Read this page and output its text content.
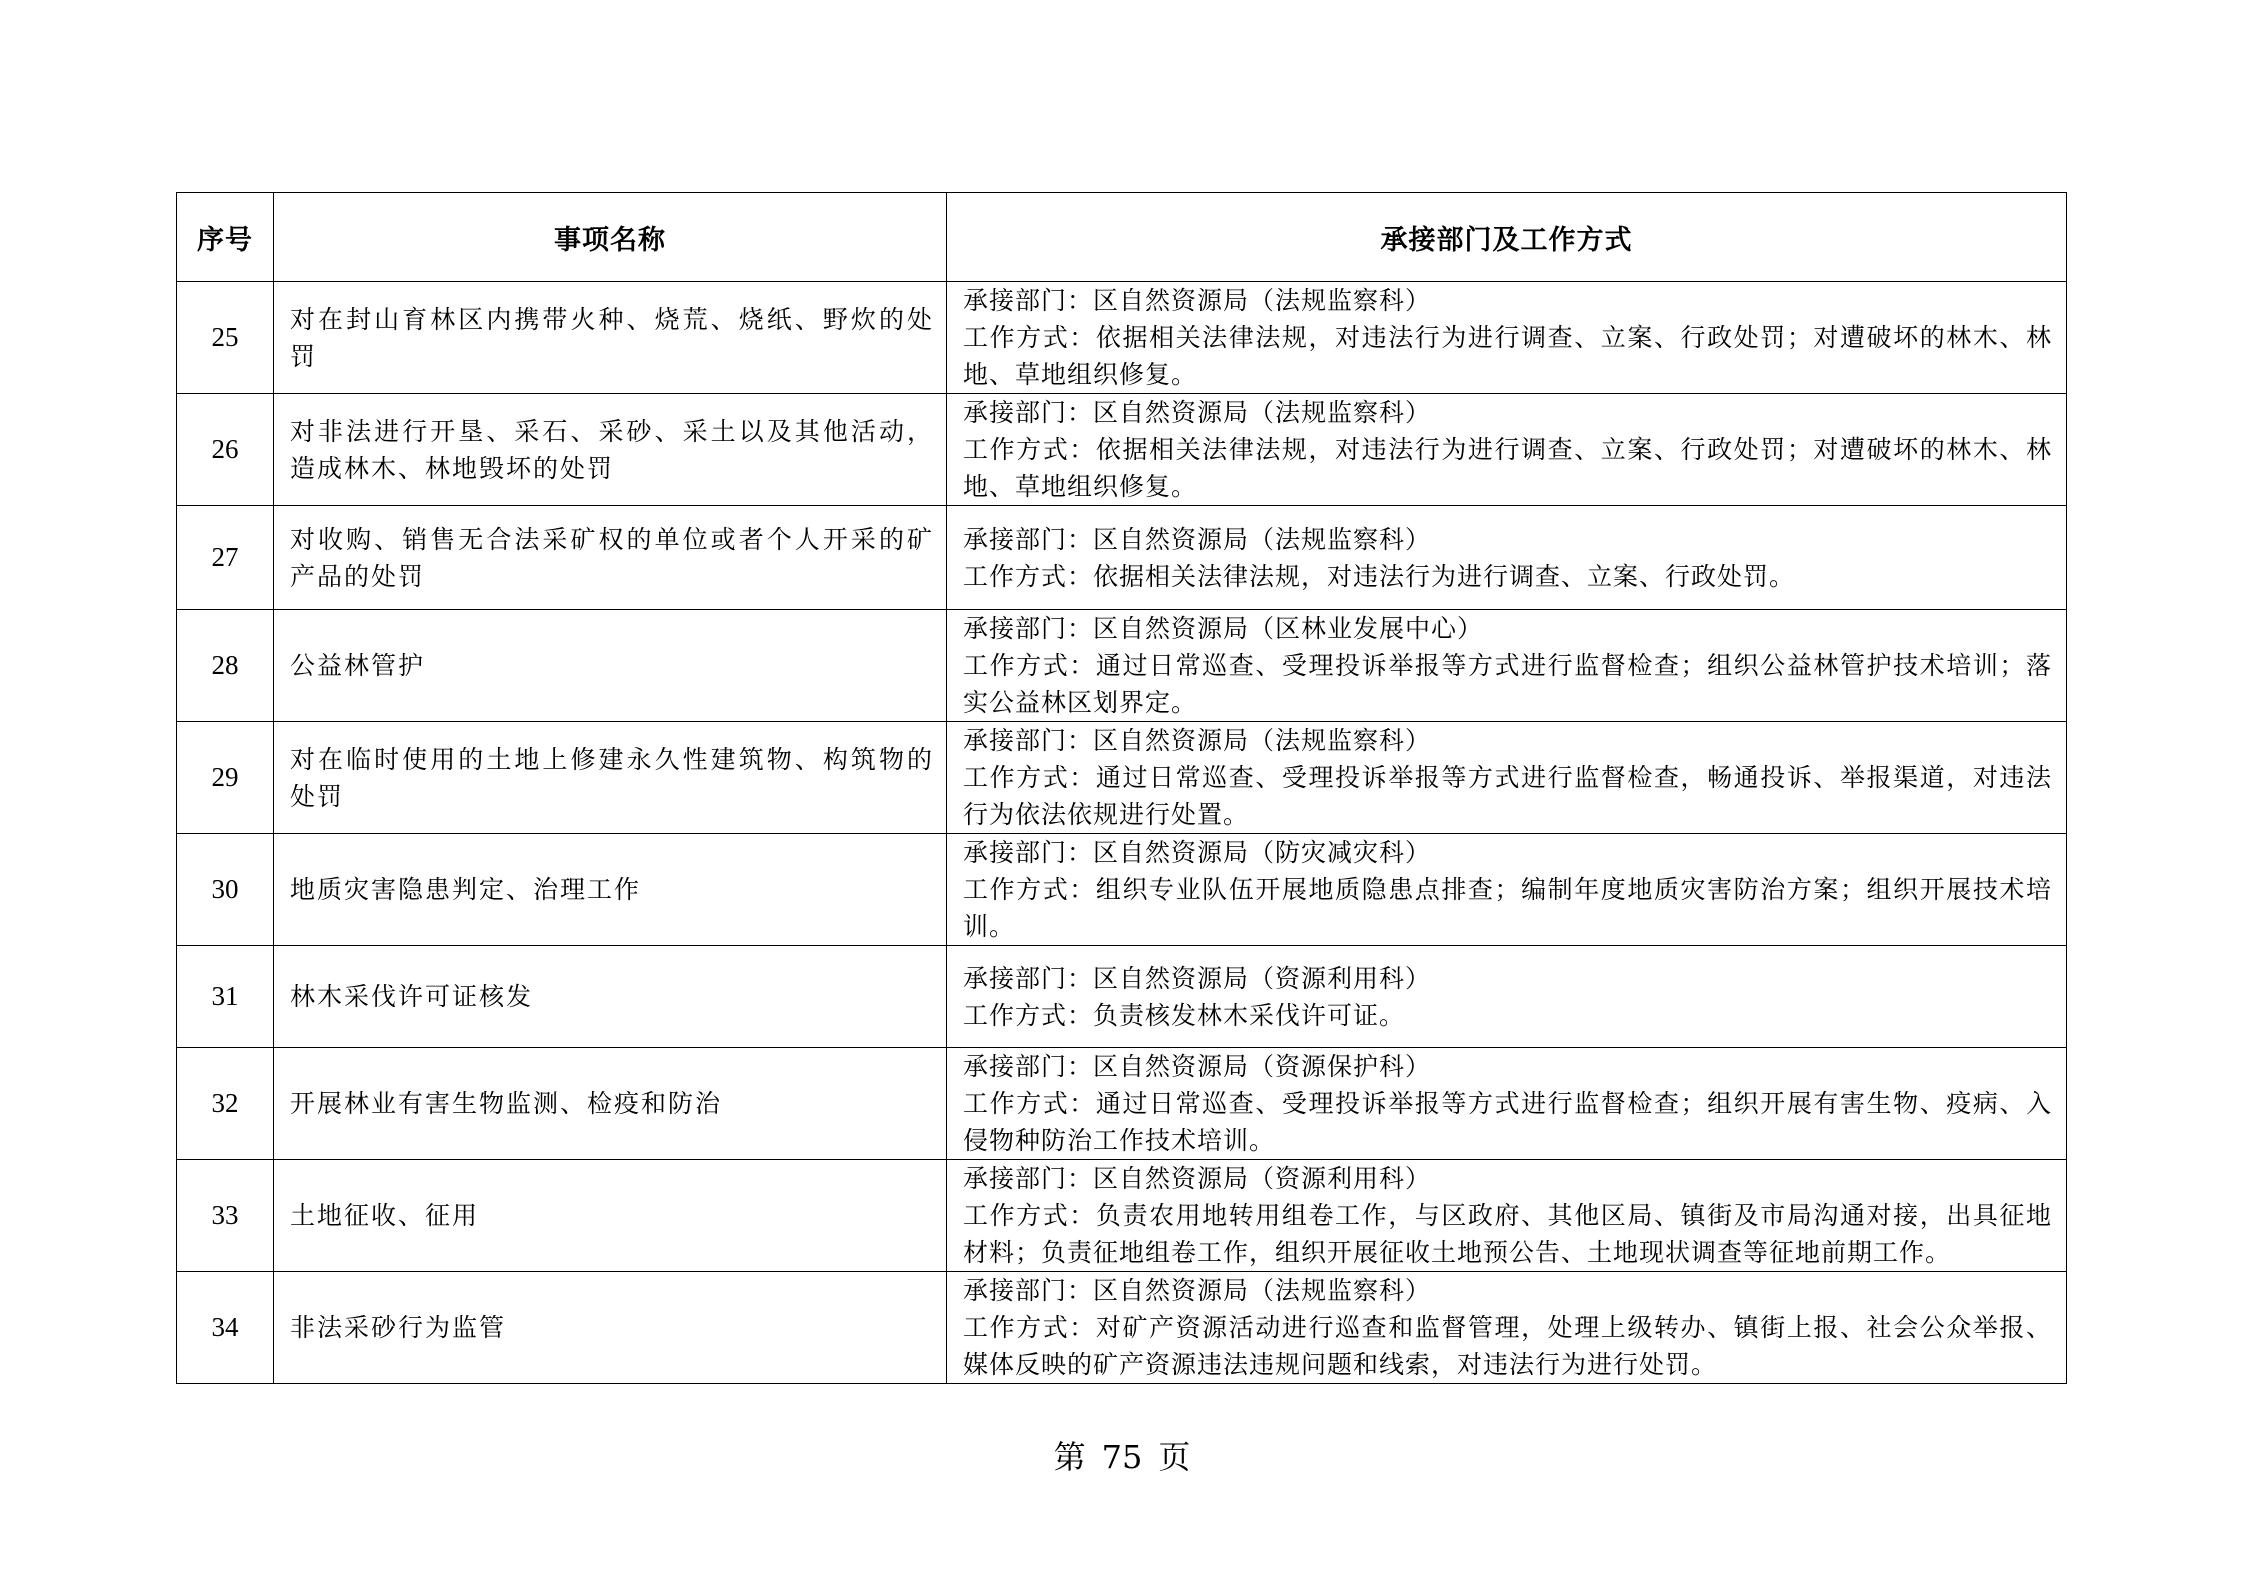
序号	事项名称	承接部门及工作方式
25	对在封山育林区内携带火种、烧荒、烧纸、野炊的处罚	承接部门：区自然资源局（法规监察科）
工作方式：依据相关法律法规，对违法行为进行调查、立案、行政处罚；对遭破坏的林木、林地、草地组织修复。

26	对非法进行开垦、采石、采砂、采土以及其他活动，造成林木、林地毁坏的处罚	承接部门：区自然资源局（法规监察科）
工作方式：依据相关法律法规，对违法行为进行调查、立案、行政处罚；对遭破坏的林木、林地、草地组织修复。

27	对收购、销售无合法采矿权的单位或者个人开采的矿产品的处罚	承接部门：区自然资源局（法规监察科）
工作方式：依据相关法律法规，对违法行为进行调查、立案、行政处罚。

28	公益林管护	承接部门：区自然资源局（区林业发展中心）
工作方式：通过日常巡查、受理投诉举报等方式进行监督检查；组织公益林管护技术培训；落实公益林区划界定。

29	对在临时使用的土地上修建永久性建筑物、构筑物的处罚	承接部门：区自然资源局（法规监察科）
工作方式：通过日常巡查、受理投诉举报等方式进行监督检查，畅通投诉、举报渠道，对违法行为依法依规进行处置。

30	地质灾害隐患判定、治理工作	承接部门：区自然资源局（防灾减灾科）
工作方式：组织专业队伍开展地质隐患点排查；编制年度地质灾害防治方案；组织开展技术培训。

31	林木采伐许可证核发	承接部门：区自然资源局（资源利用科）
工作方式：负责核发林木采伐许可证。

32	开展林业有害生物监测、检疫和防治	承接部门：区自然资源局（资源保护科）
工作方式：通过日常巡查、受理投诉举报等方式进行监督检查；组织开展有害生物、疫病、入侵物种防治工作技术培训。

33	土地征收、征用	承接部门：区自然资源局（资源利用科）
工作方式：负责农用地转用组卷工作，与区政府、其他区局、镇街及市局沟通对接，出具征地材料；负责征地组卷工作，组织开展征收土地预公告、土地现状调查等征地前期工作。

34	非法采砂行为监管	承接部门：区自然资源局（法规监察科）
工作方式：对矿产资源活动进行巡查和监督管理，处理上级转办、镇街上报、社会公众举报、媒体反映的矿产资源违法违规问题和线索，对违法行为进行处罚。
第 75 页
